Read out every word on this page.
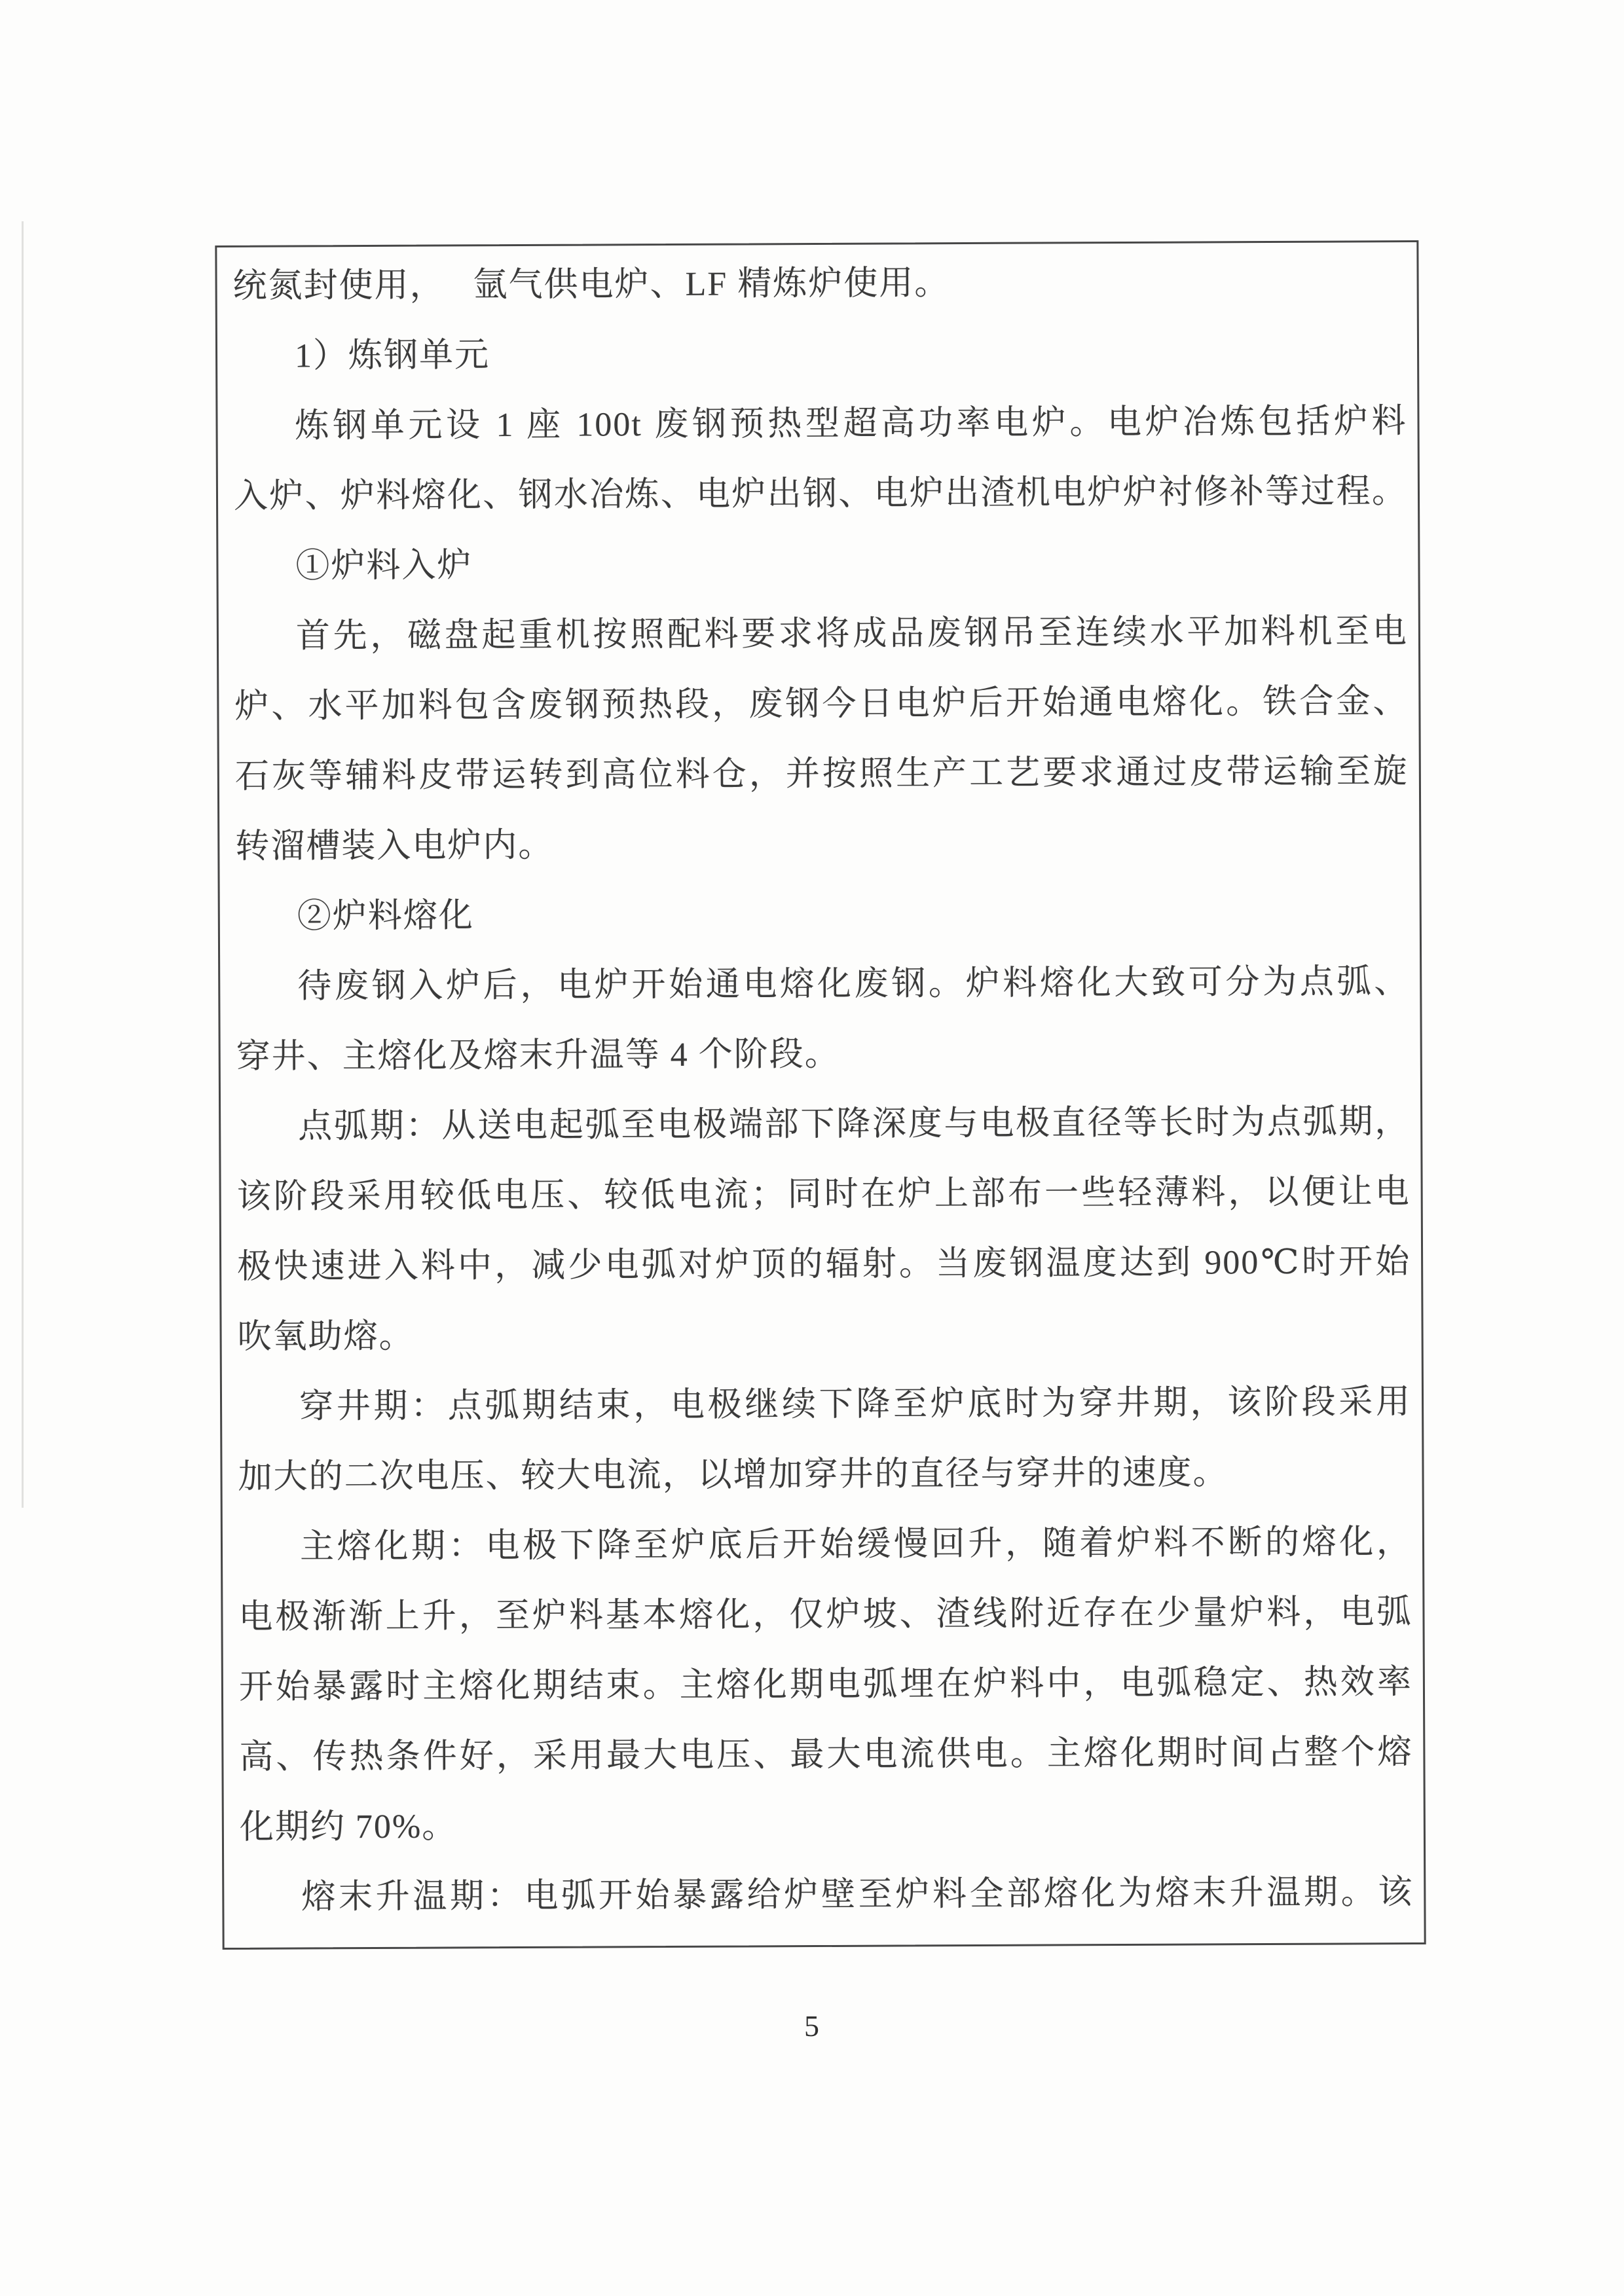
统氮封使用，　 氩气供电炉、LF 精炼炉使用。
1）炼钢单元
炼钢单元设 1 座 100t 废钢预热型超高功率电炉。电炉冶炼包括炉料
入炉、炉料熔化、钢水冶炼、电炉出钢、电炉出渣机电炉炉衬修补等过程。
①炉料入炉
首先，磁盘起重机按照配料要求将成品废钢吊至连续水平加料机至电
炉、水平加料包含废钢预热段，废钢今日电炉后开始通电熔化。铁合金、
石灰等辅料皮带运转到高位料仓，并按照生产工艺要求通过皮带运输至旋
转溜槽装入电炉内。
②炉料熔化
待废钢入炉后，电炉开始通电熔化废钢。炉料熔化大致可分为点弧、
穿井、主熔化及熔末升温等 4 个阶段。
点弧期：从送电起弧至电极端部下降深度与电极直径等长时为点弧期，
该阶段采用较低电压、较低电流；同时在炉上部布一些轻薄料，以便让电
极快速进入料中，减少电弧对炉顶的辐射。当废钢温度达到 900℃时开始
吹氧助熔。
穿井期：点弧期结束，电极继续下降至炉底时为穿井期，该阶段采用
加大的二次电压、较大电流，以增加穿井的直径与穿井的速度。
主熔化期：电极下降至炉底后开始缓慢回升，随着炉料不断的熔化，
电极渐渐上升，至炉料基本熔化，仅炉坡、渣线附近存在少量炉料，电弧
开始暴露时主熔化期结束。主熔化期电弧埋在炉料中，电弧稳定、热效率
高、传热条件好，采用最大电压、最大电流供电。主熔化期时间占整个熔
化期约 70%。
熔末升温期：电弧开始暴露给炉壁至炉料全部熔化为熔末升温期。该
5
